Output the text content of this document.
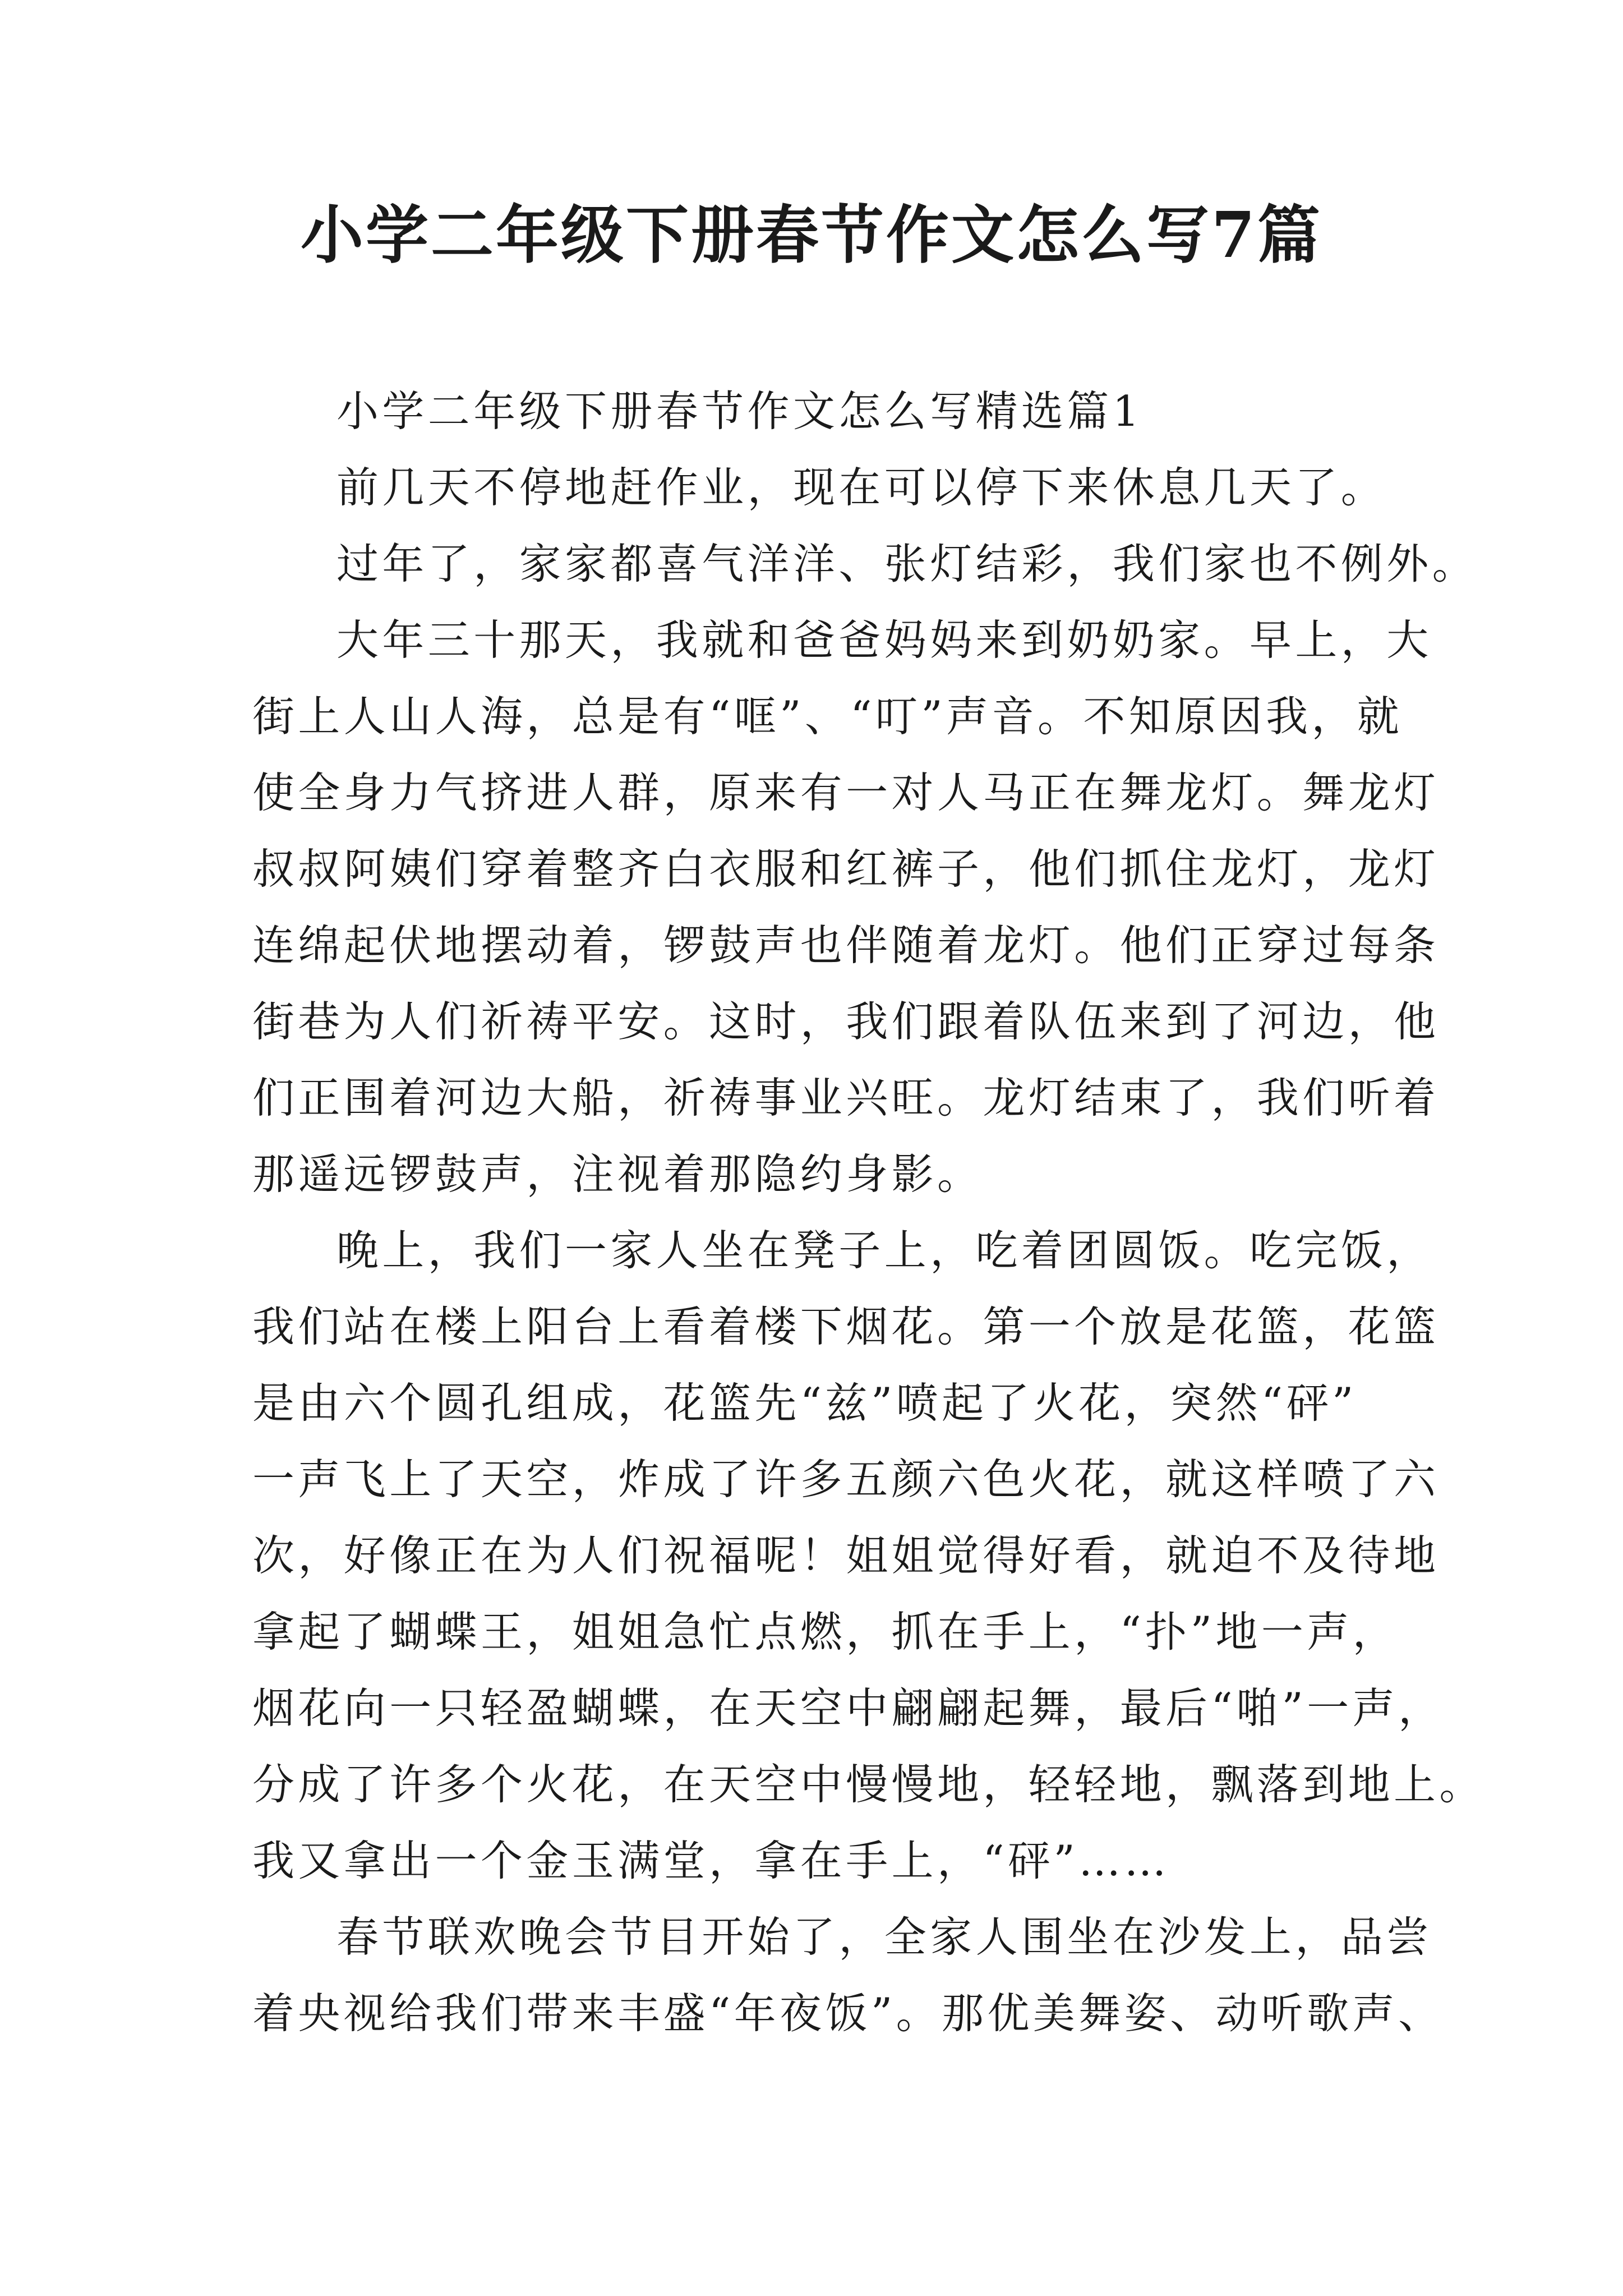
小学二年级下册春节作文怎么写7篇
小学二年级下册春节作文怎么写精选篇1
前几天不停地赶作业，现在可以停下来休息几天了。
过年了，家家都喜气洋洋、张灯结彩，我们家也不例外。
大年三十那天，我就和爸爸妈妈来到奶奶家。早上，大
街上人山人海，总是有“哐”、“叮”声音。不知原因我，就
使全身力气挤进人群，原来有一对人马正在舞龙灯。舞龙灯
叔叔阿姨们穿着整齐白衣服和红裤子，他们抓住龙灯，龙灯
连绵起伏地摆动着，锣鼓声也伴随着龙灯。他们正穿过每条
街巷为人们祈祷平安。这时，我们跟着队伍来到了河边，他
们正围着河边大船，祈祷事业兴旺。龙灯结束了，我们听着
那遥远锣鼓声，注视着那隐约身影。
晚上，我们一家人坐在凳子上，吃着团圆饭。吃完饭，
我们站在楼上阳台上看着楼下烟花。第一个放是花篮，花篮
是由六个圆孔组成，花篮先“兹”喷起了火花，突然“砰”
一声飞上了天空，炸成了许多五颜六色火花，就这样喷了六
次，好像正在为人们祝福呢！姐姐觉得好看，就迫不及待地
拿起了蝴蝶王，姐姐急忙点燃，抓在手上，“扑”地一声，
烟花向一只轻盈蝴蝶，在天空中翩翩起舞，最后“啪”一声，
分成了许多个火花，在天空中慢慢地，轻轻地，飘落到地上。
我又拿出一个金玉满堂，拿在手上，“砰”……
春节联欢晚会节目开始了，全家人围坐在沙发上，品尝
着央视给我们带来丰盛“年夜饭”。那优美舞姿、动听歌声、
